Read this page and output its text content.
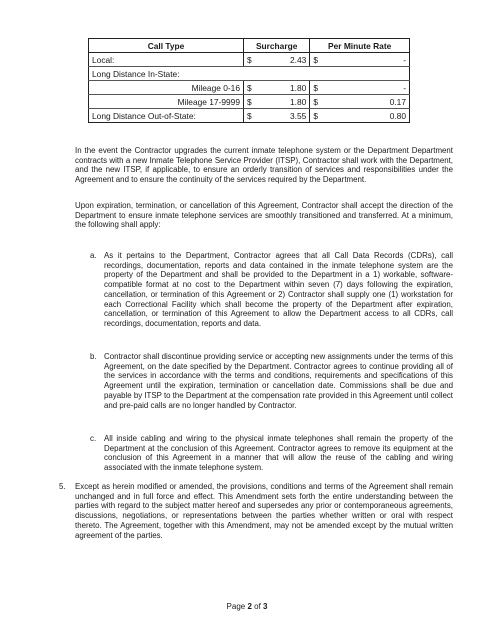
Call Type	Surcharge		Per Minute Rate	
Local:	$	2.43	$	-
Long Distance In-State:				
Mileage 0-16	$	1.80	$	-
Mileage 17-9999	$	1.80	$	0.17
Long Distance Out-of-State:	$	3.55	$	0.80

In the event the Contractor upgrades the current inmate telephone system or the Department Department contracts with a new Inmate Telephone Service Provider (ITSP), Contractor shall work with the Department, and the new ITSP, if applicable, to ensure an orderly transition of services and responsibilities under the Agreement and to ensure the continuity of the services required by the Department.

Upon expiration, termination, or cancellation of this Agreement, Contractor shall accept the direction of the Department to ensure inmate telephone services are smoothly transitioned and transferred. At a minimum, the following shall apply:

a. As it pertains to the Department, Contractor agrees that all Call Data Records (CDRs), call recordings, documentation, reports and data contained in the inmate telephone system are the property of the Department and shall be provided to the Department in a 1) workable, software-compatible format at no cost to the Department within seven (7) days following the expiration, cancellation, or termination of this Agreement or 2) Contractor shall supply one (1) workstation for each Correctional Facility which shall become the property of the Department after expiration, cancellation, or termination of this Agreement to allow the Department access to all CDRs, call recordings, documentation, reports and data.

b. Contractor shall discontinue providing service or accepting new assignments under the terms of this Agreement, on the date specified by the Department. Contractor agrees to continue providing all of the services in accordance with the terms and conditions, requirements and specifications of this Agreement until the expiration, termination or cancellation date. Commissions shall be due and payable by ITSP to the Department at the compensation rate provided in this Agreement until collect and pre-paid calls are no longer handled by Contractor.

c. All inside cabling and wiring to the physical inmate telephones shall remain the property of the Department at the conclusion of this Agreement. Contractor agrees to remove its equipment at the conclusion of this Agreement in a manner that will allow the reuse of the cabling and wiring associated with the inmate telephone system.

5. Except as herein modified or amended, the provisions, conditions and terms of the Agreement shall remain unchanged and in full force and effect. This Amendment sets forth the entire understanding between the parties with regard to the subject matter hereof and supersedes any prior or contemporaneous agreements, discussions, negotiations, or representations between the parties whether written or oral with respect thereto. The Agreement, together with this Amendment, may not be amended except by the mutual written agreement of the parties.

Page 2 of 3
